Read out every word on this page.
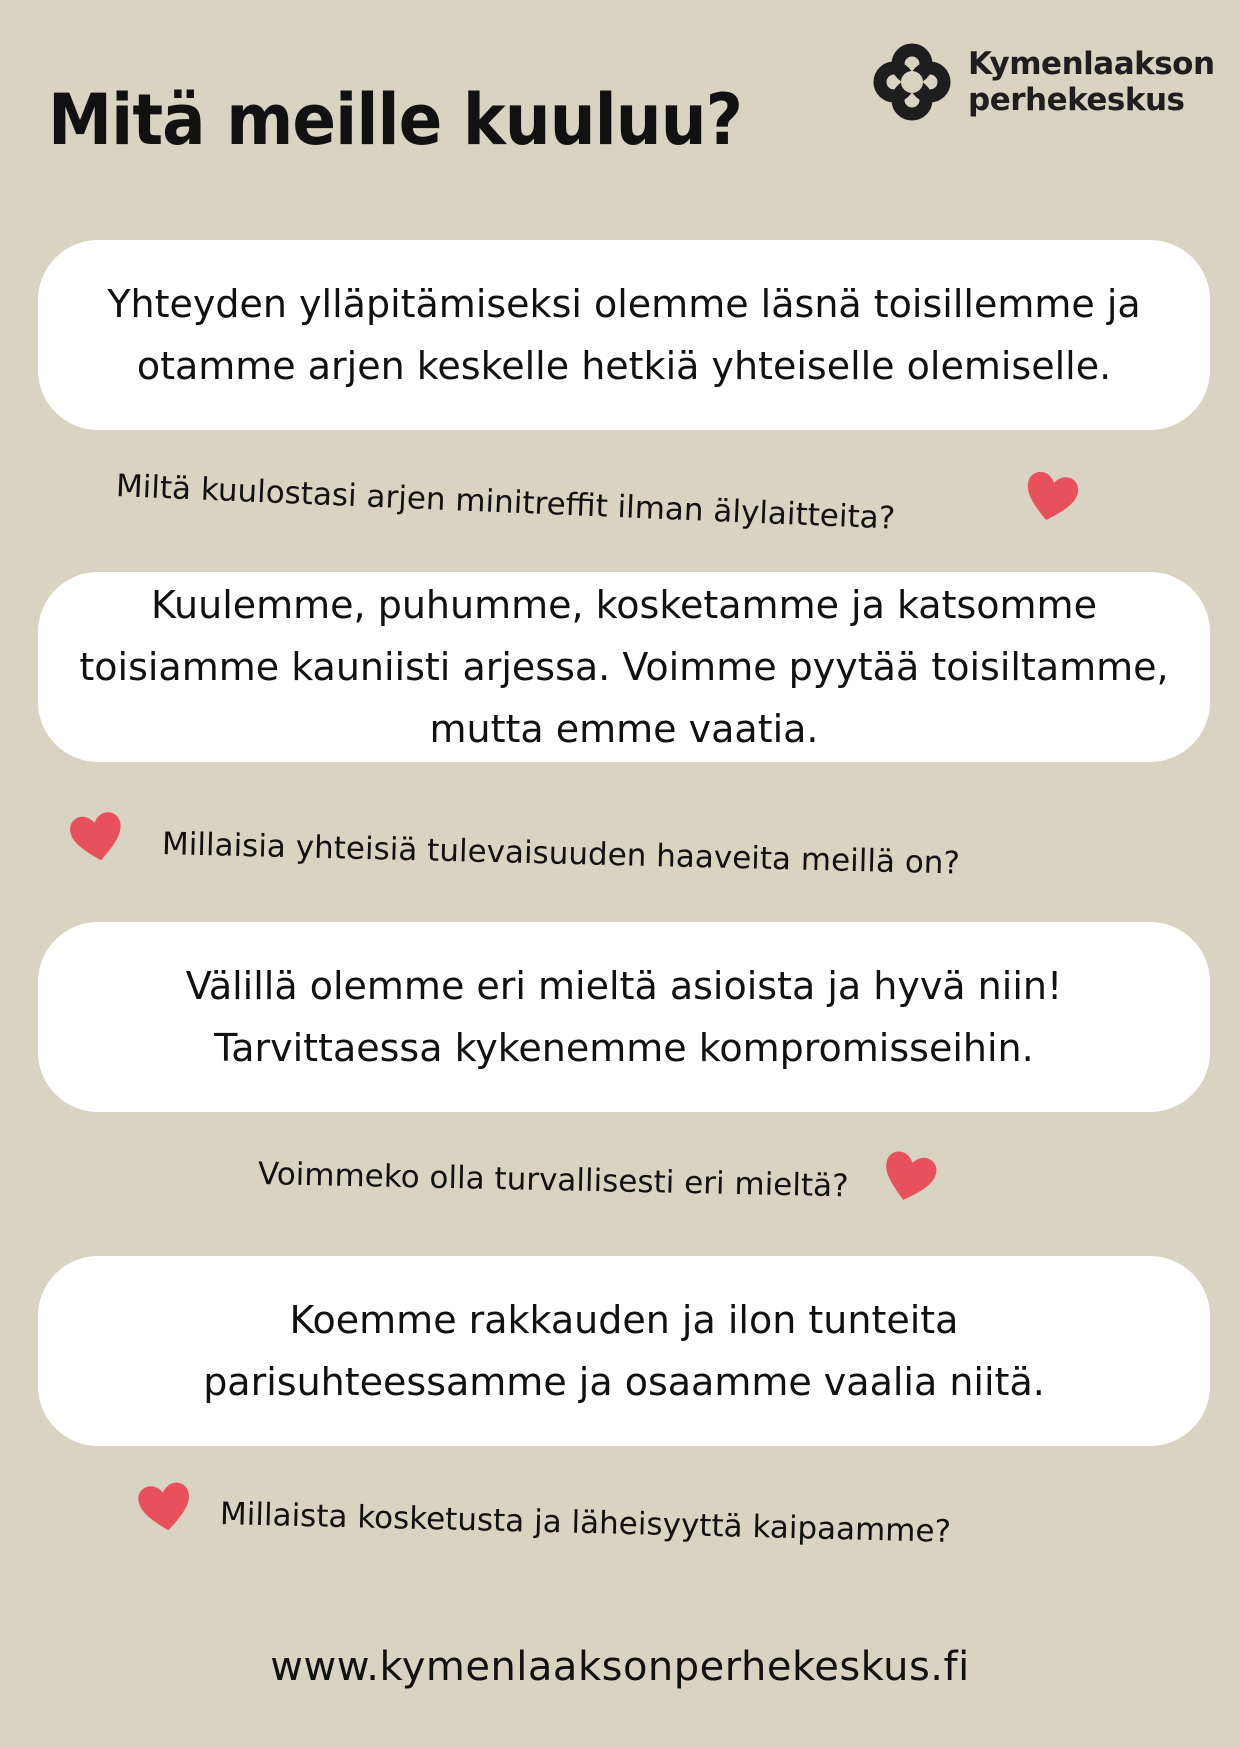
Mitä meille kuuluu?
Kymenlaakson
perhekeskus

Yhteyden ylläpitämiseksi olemme läsnä toisillemme ja
otamme arjen keskelle hetkiä yhteiselle olemiselle.

Miltä kuulostasi arjen minitreffit ilman älylaitteita?

Kuulemme, puhumme, kosketamme ja katsomme
toisiamme kauniisti arjessa. Voimme pyytää toisiltamme,
mutta emme vaatia.

Millaisia yhteisiä tulevaisuuden haaveita meillä on?

Välillä olemme eri mieltä asioista ja hyvä niin!
Tarvittaessa kykenemme kompromisseihin.

Voimmeko olla turvallisesti eri mieltä?

Koemme rakkauden ja ilon tunteita
parisuhteessamme ja osaamme vaalia niitä.

Millaista kosketusta ja läheisyyttä kaipaamme?
www.kymenlaaksonperhekeskus.fi
